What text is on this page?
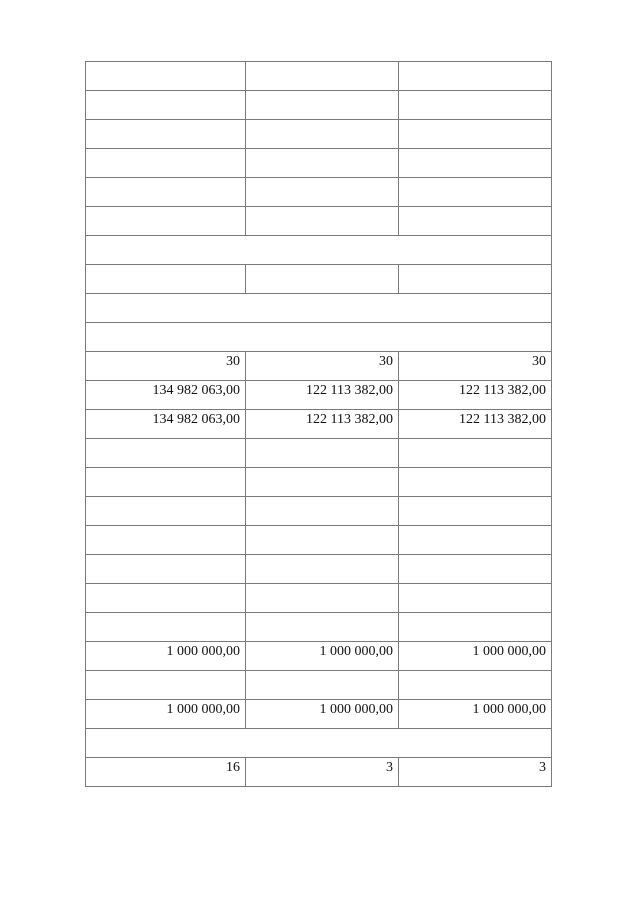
30	30	30
134 982 063,00	122 113 382,00	122 113 382,00
134 982 063,00	122 113 382,00	122 113 382,00

1 000 000,00	1 000 000,00	1 000 000,00

1 000 000,00	1 000 000,00	1 000 000,00

16	3	3
